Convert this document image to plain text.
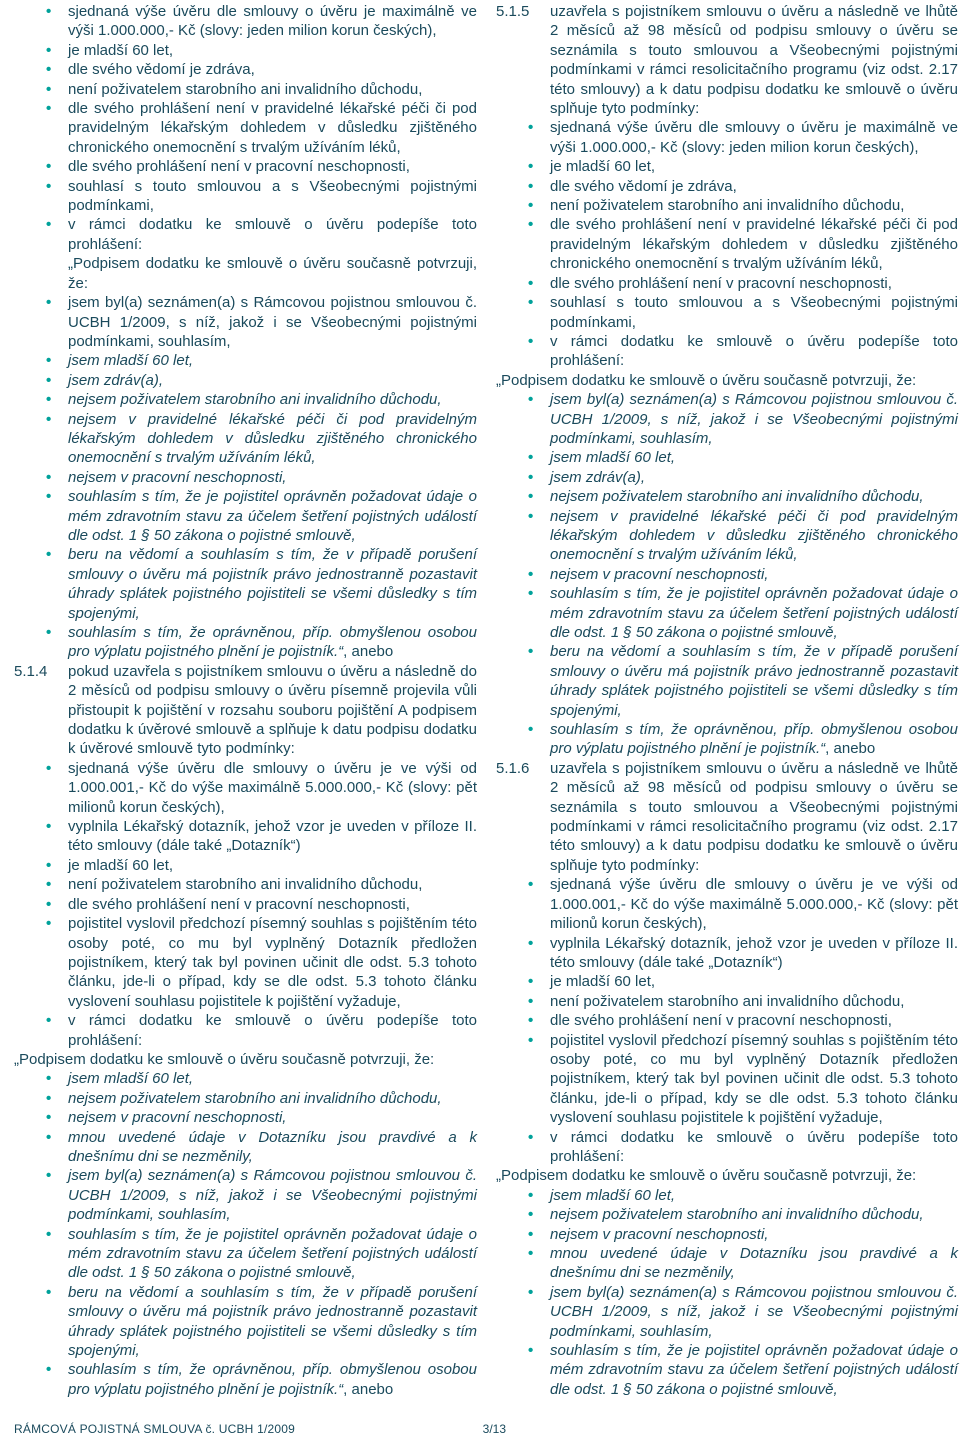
• sjednaná výše úvěru dle smlouvy o úvěru je maximálně ve výši 1.000.000,- Kč (slovy: jeden milion korun českých),
• je mladší 60 let,
• dle svého vědomí je zdráva,
• není poživatelem starobního ani invalidního důchodu,
• dle svého prohlášení není v pravidelné lékařské péči či pod pravidelným lékařským dohledem v důsledku zjištěného chronického onemocnění s trvalým užíváním léků,
• dle svého prohlášení není v pracovní neschopnosti,
• souhlasí s touto smlouvou a s Všeobecnými pojistnými podmínkami,
• v rámci dodatku ke smlouvě o úvěru podepíše toto prohlášení:
„Podpisem dodatku ke smlouvě o úvěru současně potvrzuji, že:
• jsem byl(a) seznámen(a) s Rámcovou pojistnou smlouvou č. UCBH 1/2009, s níž, jakož i se Všeobecnými pojistnými podmínkami, souhlasím,
• jsem mladší 60 let,
• jsem zdráv(a),
• nejsem poživatelem starobního ani invalidního důchodu,
• nejsem v pravidelné lékařské péči či pod pravidelným lékařským dohledem v důsledku zjištěného chronického onemocnění s trvalým užíváním léků,
• nejsem v pracovní neschopnosti,
• souhlasím s tím, že je pojistitel oprávněn požadovat údaje o mém zdravotním stavu za účelem šetření pojistných událostí dle odst. 1 § 50 zákona o pojistné smlouvě,
• beru na vědomí a souhlasím s tím, že v případě porušení smlouvy o úvěru má pojistník právo jednostranně pozastavit úhrady splátek pojistného pojistiteli se všemi důsledky s tím spojenými,
• souhlasím s tím, že oprávněnou, příp. obmyšlenou osobou pro výplatu pojistného plnění je pojistník.“, anebo
5.1.4 pokud uzavřela s pojistníkem smlouvu o úvěru a následně do 2 měsíců od podpisu smlouvy o úvěru písemně projevila vůli přistoupit k pojištění v rozsahu souboru pojištění A podpisem dodatku k úvěrové smlouvě a splňuje k datu podpisu dodatku k úvěrové smlouvě tyto podmínky:
• sjednaná výše úvěru dle smlouvy o úvěru je ve výši od 1.000.001,- Kč do výše maximálně 5.000.000,- Kč (slovy: pět milionů korun českých),
• vyplnila Lékařský dotazník, jehož vzor je uveden v příloze II. této smlouvy (dále také „Dotazník“)
• je mladší 60 let,
• není poživatelem starobního ani invalidního důchodu,
• dle svého prohlášení není v pracovní neschopnosti,
• pojistitel vyslovil předchozí písemný souhlas s pojištěním této osoby poté, co mu byl vyplněný Dotazník předložen pojistníkem, který tak byl povinen učinit dle odst. 5.3 tohoto článku, jde-li o případ, kdy se dle odst. 5.3 tohoto článku vyslovení souhlasu pojistitele k pojištění vyžaduje,
• v rámci dodatku ke smlouvě o úvěru podepíše toto prohlášení:
„Podpisem dodatku ke smlouvě o úvěru současně potvrzuji, že:
• jsem mladší 60 let,
• nejsem poživatelem starobního ani invalidního důchodu,
• nejsem v pracovní neschopnosti,
• mnou uvedené údaje v Dotazníku jsou pravdivé a k dnešnímu dni se nezměnily,
• jsem byl(a) seznámen(a) s Rámcovou pojistnou smlouvou č. UCBH 1/2009, s níž, jakož i se Všeobecnými pojistnými podmínkami, souhlasím,
• souhlasím s tím, že je pojistitel oprávněn požadovat údaje o mém zdravotním stavu za účelem šetření pojistných událostí dle odst. 1 § 50 zákona o pojistné smlouvě,
• beru na vědomí a souhlasím s tím, že v případě porušení smlouvy o úvěru má pojistník právo jednostranně pozastavit úhrady splátek pojistného pojistiteli se všemi důsledky s tím spojenými,
• souhlasím s tím, že oprávněnou, příp. obmyšlenou osobou pro výplatu pojistného plnění je pojistník.“, anebo
5.1.5 uzavřela s pojistníkem smlouvu o úvěru a následně ve lhůtě 2 měsíců až 98 měsíců od podpisu smlouvy o úvěru se seznámila s touto smlouvou a Všeobecnými pojistnými podmínkami v rámci resolicitačního programu (viz odst. 2.17 této smlouvy) a k datu podpisu dodatku ke smlouvě o úvěru splňuje tyto podmínky:
• sjednaná výše úvěru dle smlouvy o úvěru je maximálně ve výši 1.000.000,- Kč (slovy: jeden milion korun českých),
• je mladší 60 let,
• dle svého vědomí je zdráva,
• není poživatelem starobního ani invalidního důchodu,
• dle svého prohlášení není v pravidelné lékařské péči či pod pravidelným lékařským dohledem v důsledku zjištěného chronického onemocnění s trvalým užíváním léků,
• dle svého prohlášení není v pracovní neschopnosti,
• souhlasí s touto smlouvou a s Všeobecnými pojistnými podmínkami,
• v rámci dodatku ke smlouvě o úvěru podepíše toto prohlášení:
„Podpisem dodatku ke smlouvě o úvěru současně potvrzuji, že:
• jsem byl(a) seznámen(a) s Rámcovou pojistnou smlouvou č. UCBH 1/2009, s níž, jakož i se Všeobecnými pojistnými podmínkami, souhlasím,
• jsem mladší 60 let,
• jsem zdráv(a),
• nejsem poživatelem starobního ani invalidního důchodu,
• nejsem v pravidelné lékařské péči či pod pravidelným lékařským dohledem v důsledku zjištěného chronického onemocnění s trvalým užíváním léků,
• nejsem v pracovní neschopnosti,
• souhlasím s tím, že je pojistitel oprávněn požadovat údaje o mém zdravotním stavu za účelem šetření pojistných událostí dle odst. 1 § 50 zákona o pojistné smlouvě,
• beru na vědomí a souhlasím s tím, že v případě porušení smlouvy o úvěru má pojistník právo jednostranně pozastavit úhrady splátek pojistného pojistiteli se všemi důsledky s tím spojenými,
• souhlasím s tím, že oprávněnou, příp. obmyšlenou osobou pro výplatu pojistného plnění je pojistník.“, anebo
5.1.6 uzavřela s pojistníkem smlouvu o úvěru a následně ve lhůtě 2 měsíců až 98 měsíců od podpisu smlouvy o úvěru se seznámila s touto smlouvou a Všeobecnými pojistnými podmínkami v rámci resolicitačního programu (viz odst. 2.17 této smlouvy) a k datu podpisu dodatku ke smlouvě o úvěru splňuje tyto podmínky:
• sjednaná výše úvěru dle smlouvy o úvěru je ve výši od 1.000.001,- Kč do výše maximálně 5.000.000,- Kč (slovy: pět milionů korun českých),
• vyplnila Lékařský dotazník, jehož vzor je uveden v příloze II. této smlouvy (dále také „Dotazník“)
• je mladší 60 let,
• není poživatelem starobního ani invalidního důchodu,
• dle svého prohlášení není v pracovní neschopnosti,
• pojistitel vyslovil předchozí písemný souhlas s pojištěním této osoby poté, co mu byl vyplněný Dotazník předložen pojistníkem, který tak byl povinen učinit dle odst. 5.3 tohoto článku, jde-li o případ, kdy se dle odst. 5.3 tohoto článku vyslovení souhlasu pojistitele k pojištění vyžaduje,
• v rámci dodatku ke smlouvě o úvěru podepíše toto prohlášení:
„Podpisem dodatku ke smlouvě o úvěru současně potvrzuji, že:
• jsem mladší 60 let,
• nejsem poživatelem starobního ani invalidního důchodu,
• nejsem v pracovní neschopnosti,
• mnou uvedené údaje v Dotazníku jsou pravdivé a k dnešnímu dni se nezměnily,
• jsem byl(a) seznámen(a) s Rámcovou pojistnou smlouvou č. UCBH 1/2009, s níž, jakož i se Všeobecnými pojistnými podmínkami, souhlasím,
• souhlasím s tím, že je pojistitel oprávněn požadovat údaje o mém zdravotním stavu za účelem šetření pojistných událostí dle odst. 1 § 50 zákona o pojistné smlouvě,
RÁMCOVÁ POJISTNÁ SMLOUVA č. UCBH 1/2009	3/13
